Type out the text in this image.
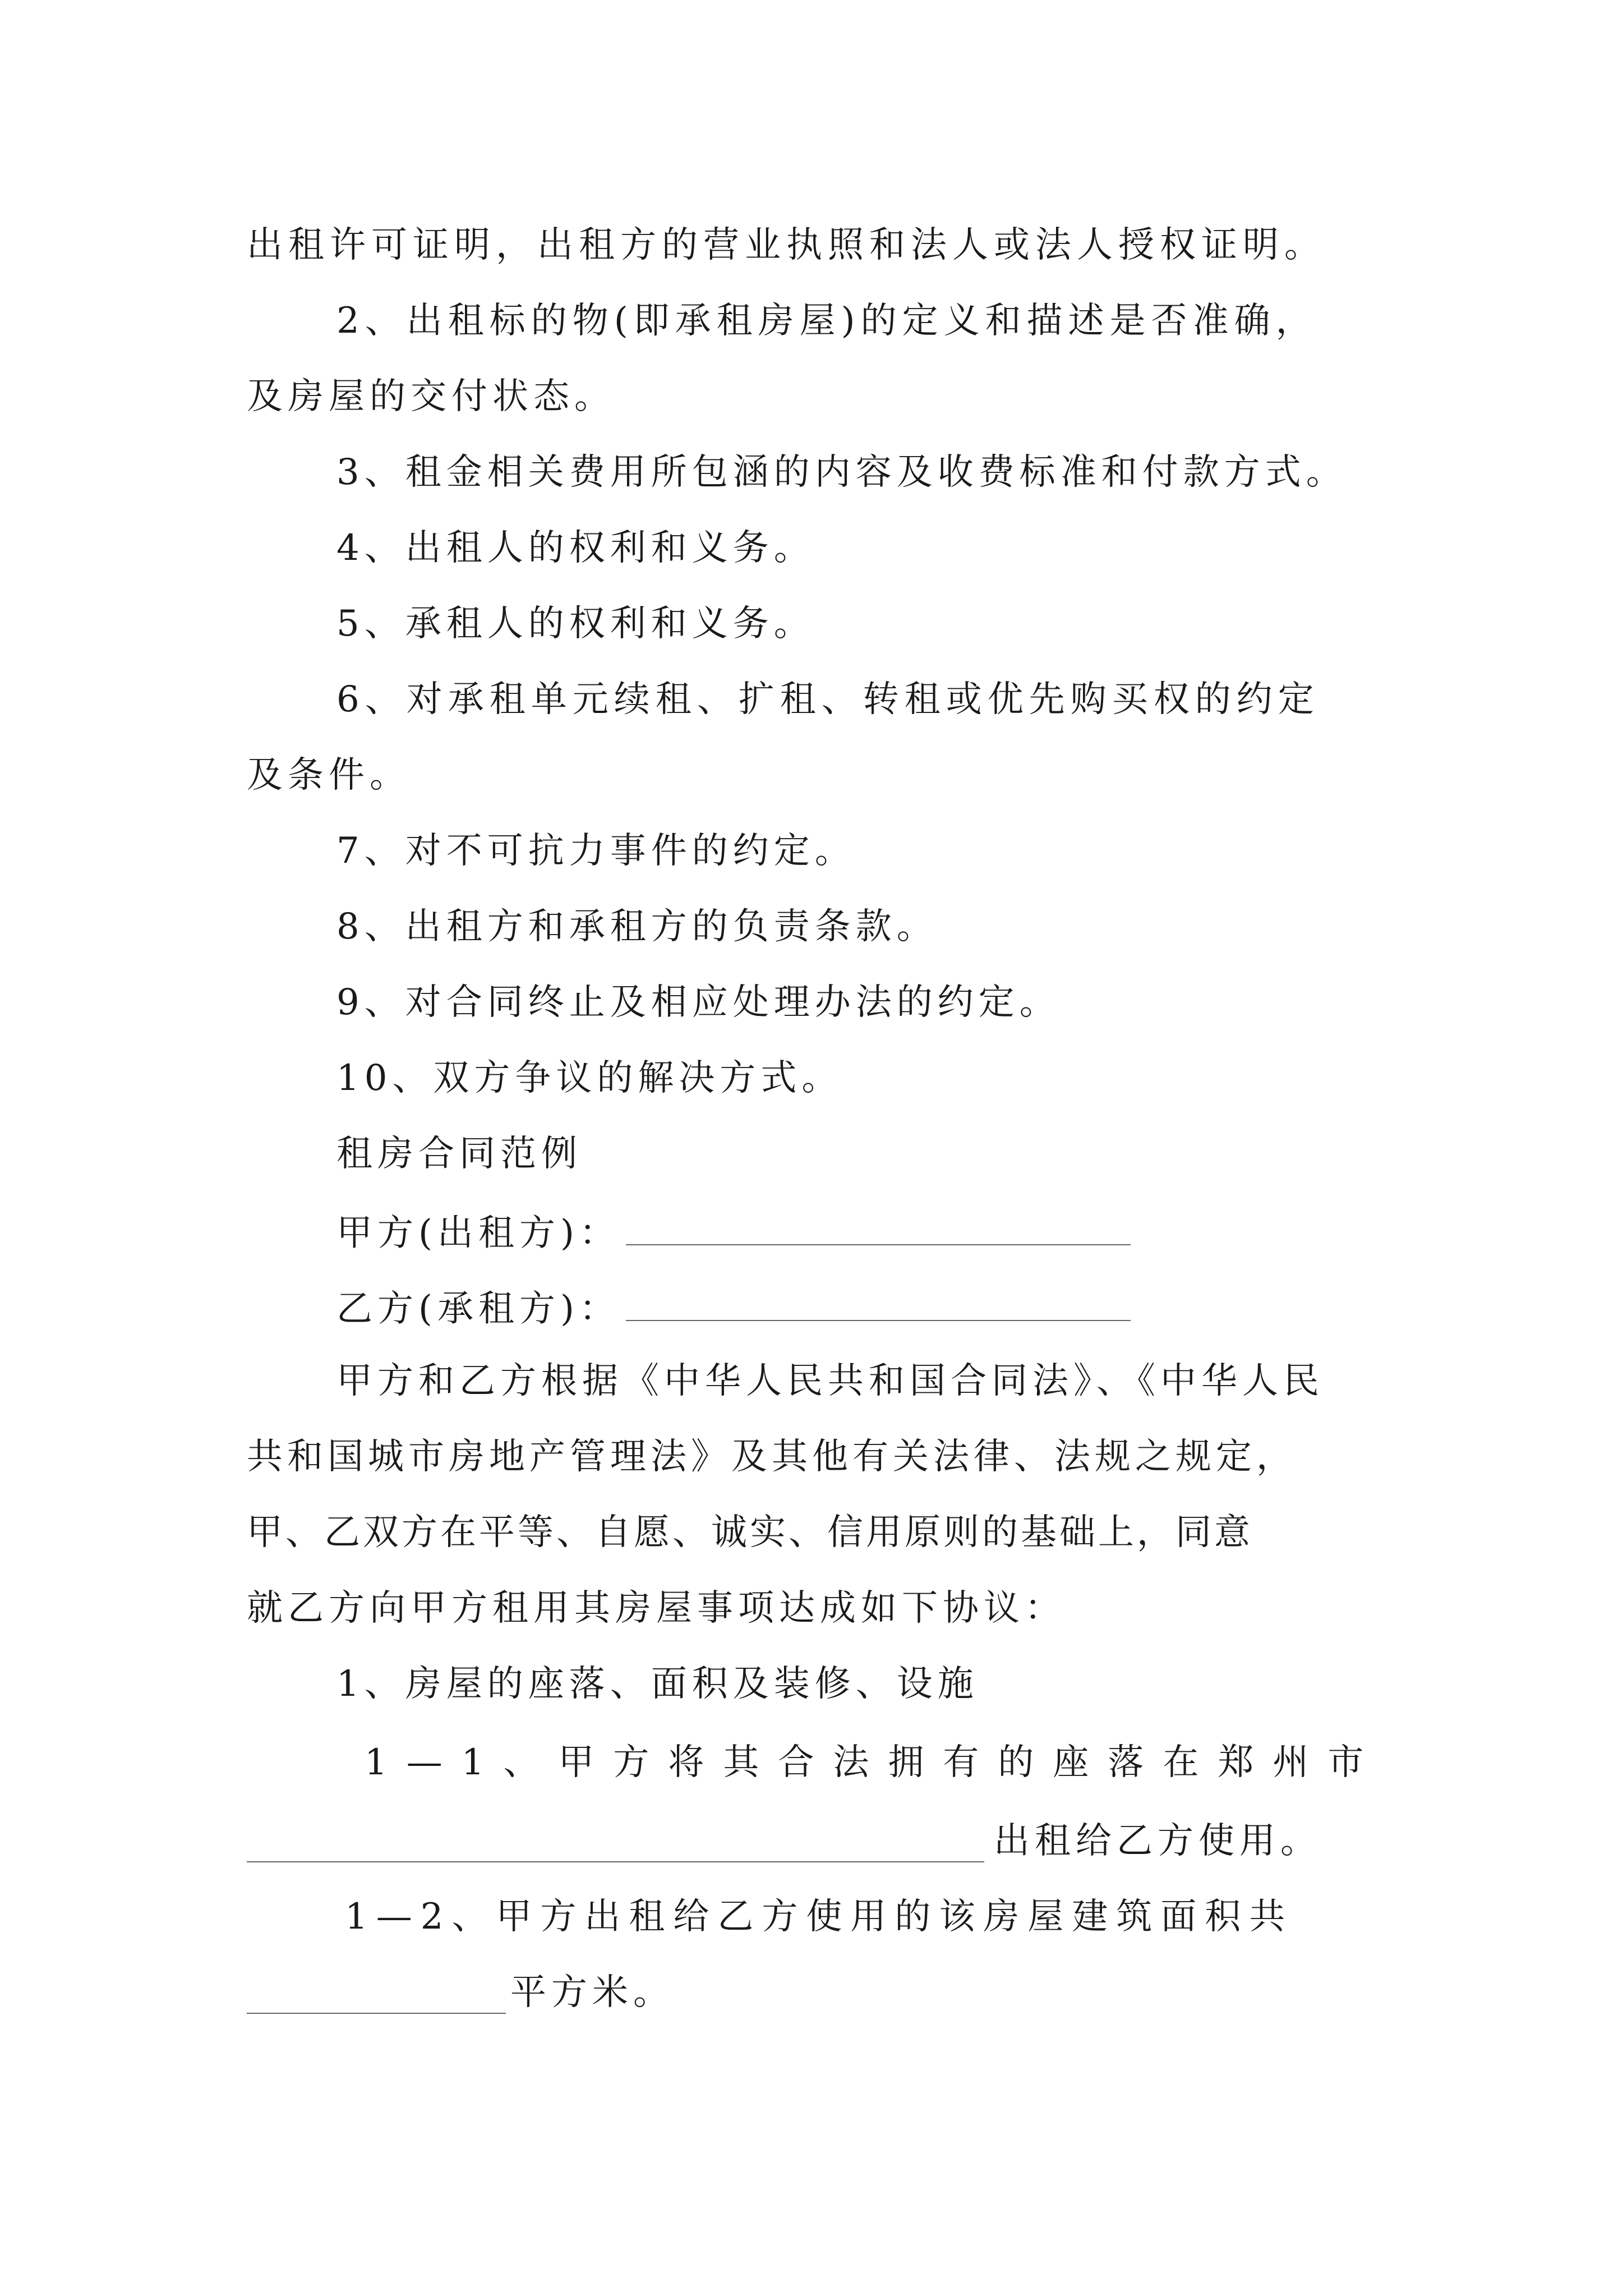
出租许可证明，出租方的营业执照和法人或法人授权证明。
2、出租标的物(即承租房屋)的定义和描述是否准确，
及房屋的交付状态。
3、租金相关费用所包涵的内容及收费标准和付款方式。
4、出租人的权利和义务。
5、承租人的权利和义务。
6、对承租单元续租、扩租、转租或优先购买权的约定
及条件。
7、对不可抗力事件的约定。
8、出租方和承租方的负责条款。
9、对合同终止及相应处理办法的约定。
10、双方争议的解决方式。
租房合同范例
甲方(出租方)：
乙方(承租方)：
甲方和乙方根据《中华人民共和国合同法》、《中华人民
共和国城市房地产管理法》及其他有关法律、法规之规定，
甲、乙双方在平等、自愿、诚实、信用原则的基础上，同意
就乙方向甲方租用其房屋事项达成如下协议：
1、房屋的座落、面积及装修、设施
1—1、甲方将其合法拥有的座落在郑州市
出租给乙方使用。
1—2、甲方出租给乙方使用的该房屋建筑面积共
平方米。
